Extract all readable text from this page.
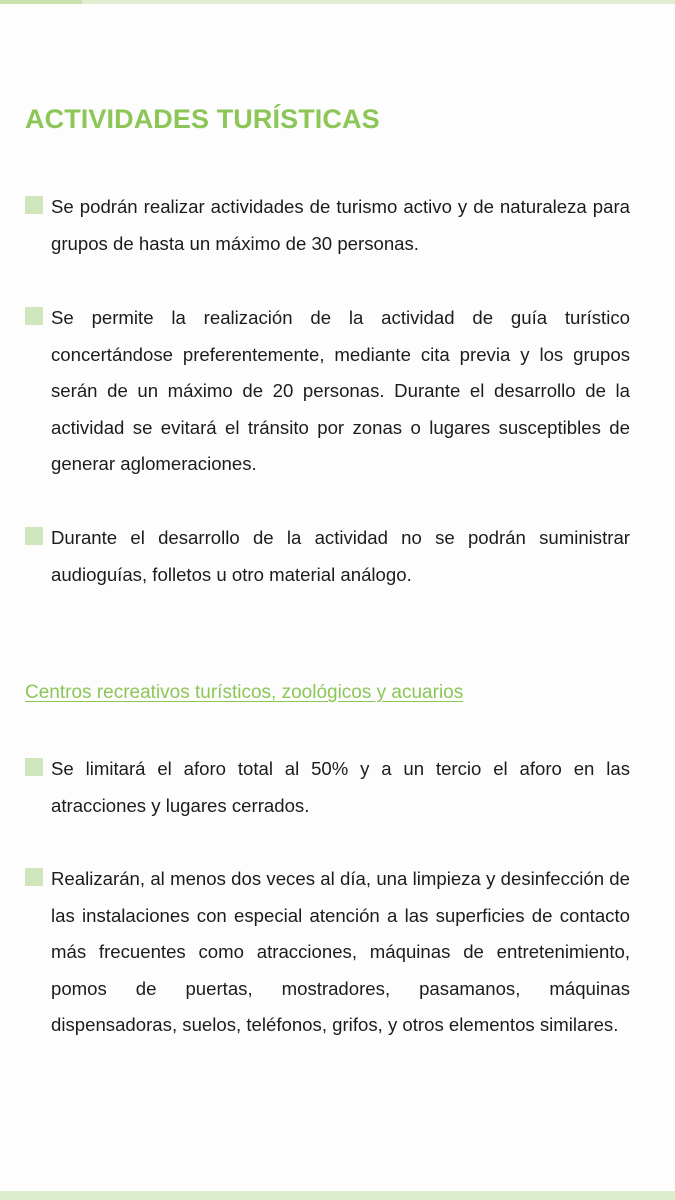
ACTIVIDADES TURÍSTICAS
Se podrán realizar actividades de turismo activo y de naturaleza para grupos de hasta un máximo de 30 personas.
Se permite la realización de la actividad de guía turístico concertándose preferentemente, mediante cita previa y los grupos serán de un máximo de 20 personas. Durante el desarrollo de la actividad se evitará el tránsito por zonas o lugares susceptibles de generar aglomeraciones.
Durante el desarrollo de la actividad no se podrán suministrar audioguías, folletos u otro material análogo.
Centros recreativos turísticos, zoológicos y acuarios
Se limitará el aforo total al 50% y a un tercio el aforo en las atracciones y lugares cerrados.
Realizarán, al menos dos veces al día, una limpieza y desinfección de las instalaciones con especial atención a las superficies de contacto más frecuentes como atracciones, máquinas de entretenimiento, pomos de puertas, mostradores, pasamanos, máquinas dispensadoras, suelos, teléfonos, grifos, y otros elementos similares.
